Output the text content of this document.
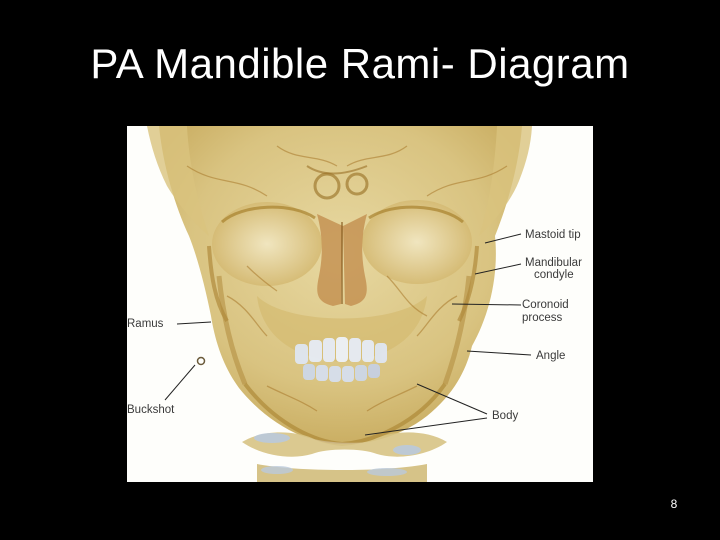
PA Mandible Rami- Diagram
Mastoid tip
Mandibular
condyle
Coronoid
process
Angle
Ramus
Buckshot	Body
8
